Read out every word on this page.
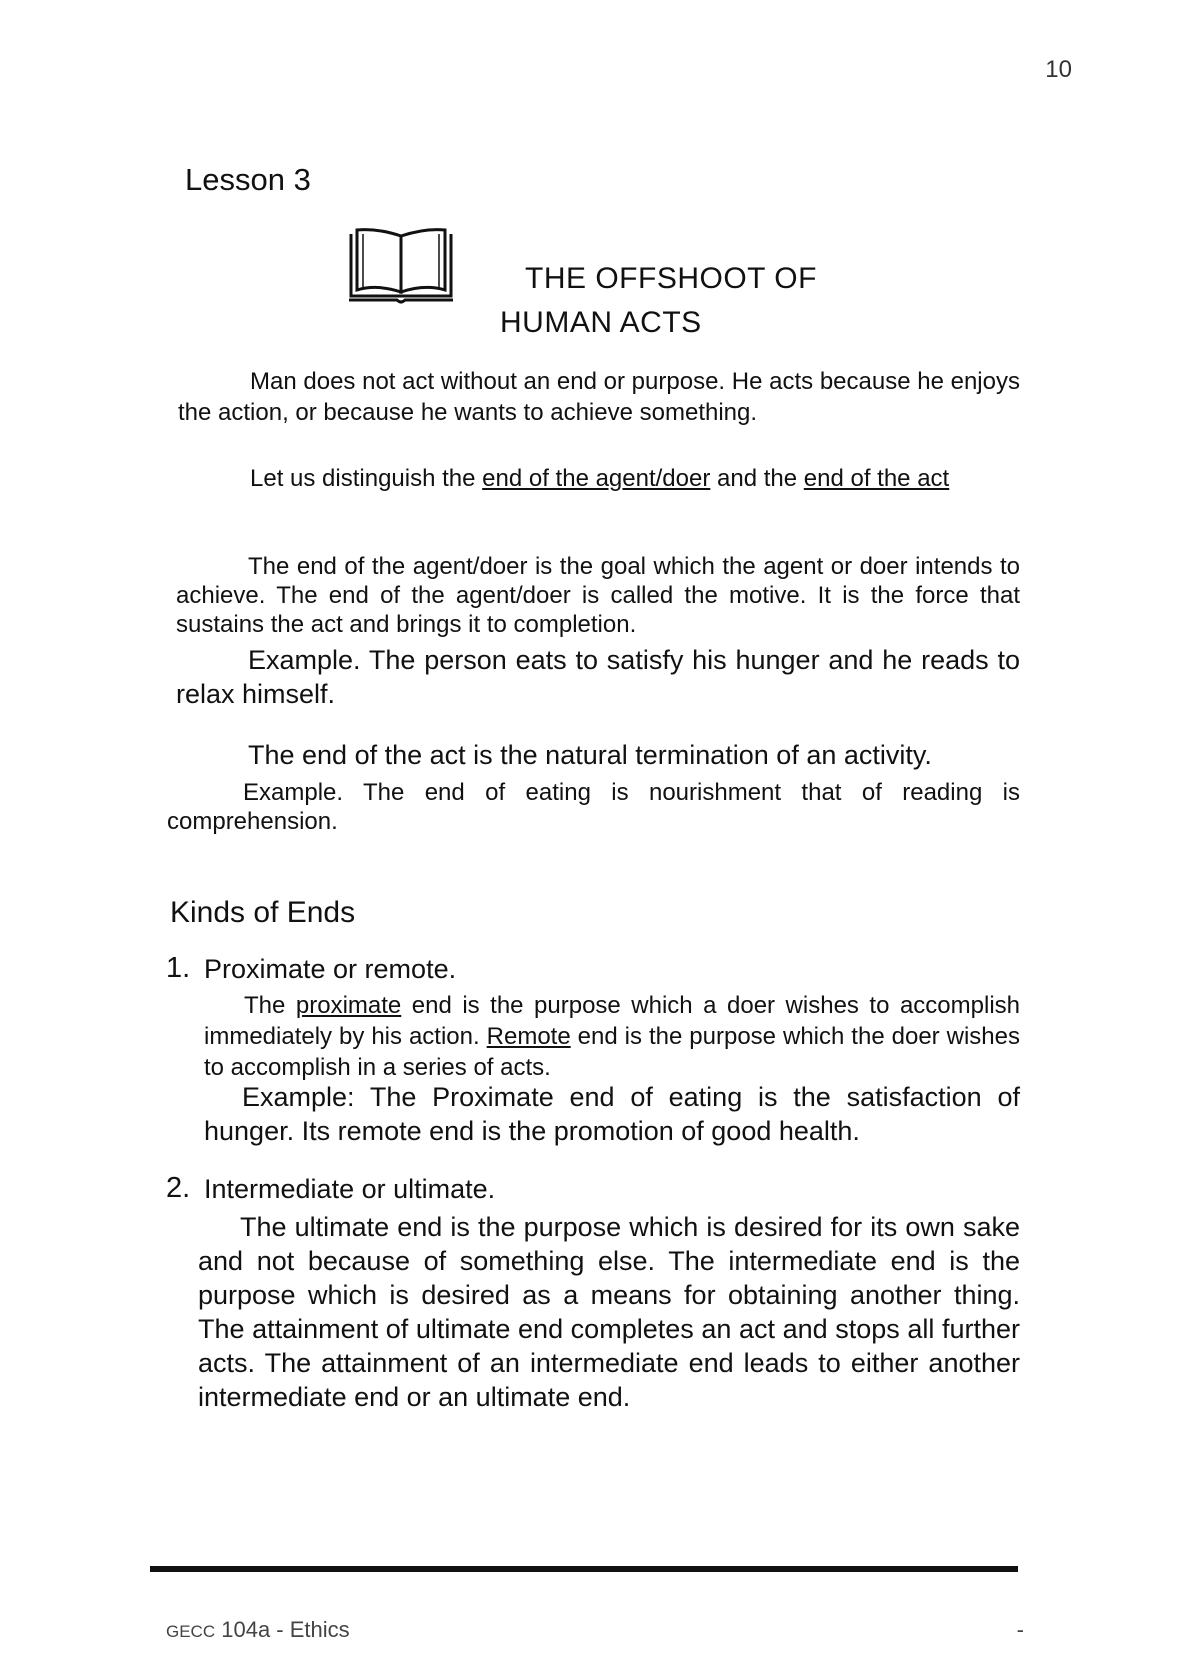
10
Lesson 3
THE OFFSHOOT OF
HUMAN ACTS

Man does not act without an end or purpose. He acts because he enjoys the action, or because he wants to achieve something.

Let us distinguish the end of the agent/doer and the end of the act

The end of the agent/doer is the goal which the agent or doer intends to achieve. The end of the agent/doer is called the motive. It is the force that sustains the act and brings it to completion.

Example. The person eats to satisfy his hunger and he reads to relax himself.

The end of the act is the natural termination of an activity.

Example. The end of eating is nourishment that of reading is comprehension.

Kinds of Ends
1. Proximate or remote.

The proximate end is the purpose which a doer wishes to accomplish immediately by his action. Remote end is the purpose which the doer wishes to accomplish in a series of acts.

Example: The Proximate end of eating is the satisfaction of hunger. Its remote end is the promotion of good health.

2. Intermediate or ultimate.

The ultimate end is the purpose which is desired for its own sake and not because of something else. The intermediate end is the purpose which is desired as a means for obtaining another thing. The attainment of ultimate end completes an act and stops all further acts. The attainment of an intermediate end leads to either another intermediate end or an ultimate end.

GECC 104a - Ethics	-
